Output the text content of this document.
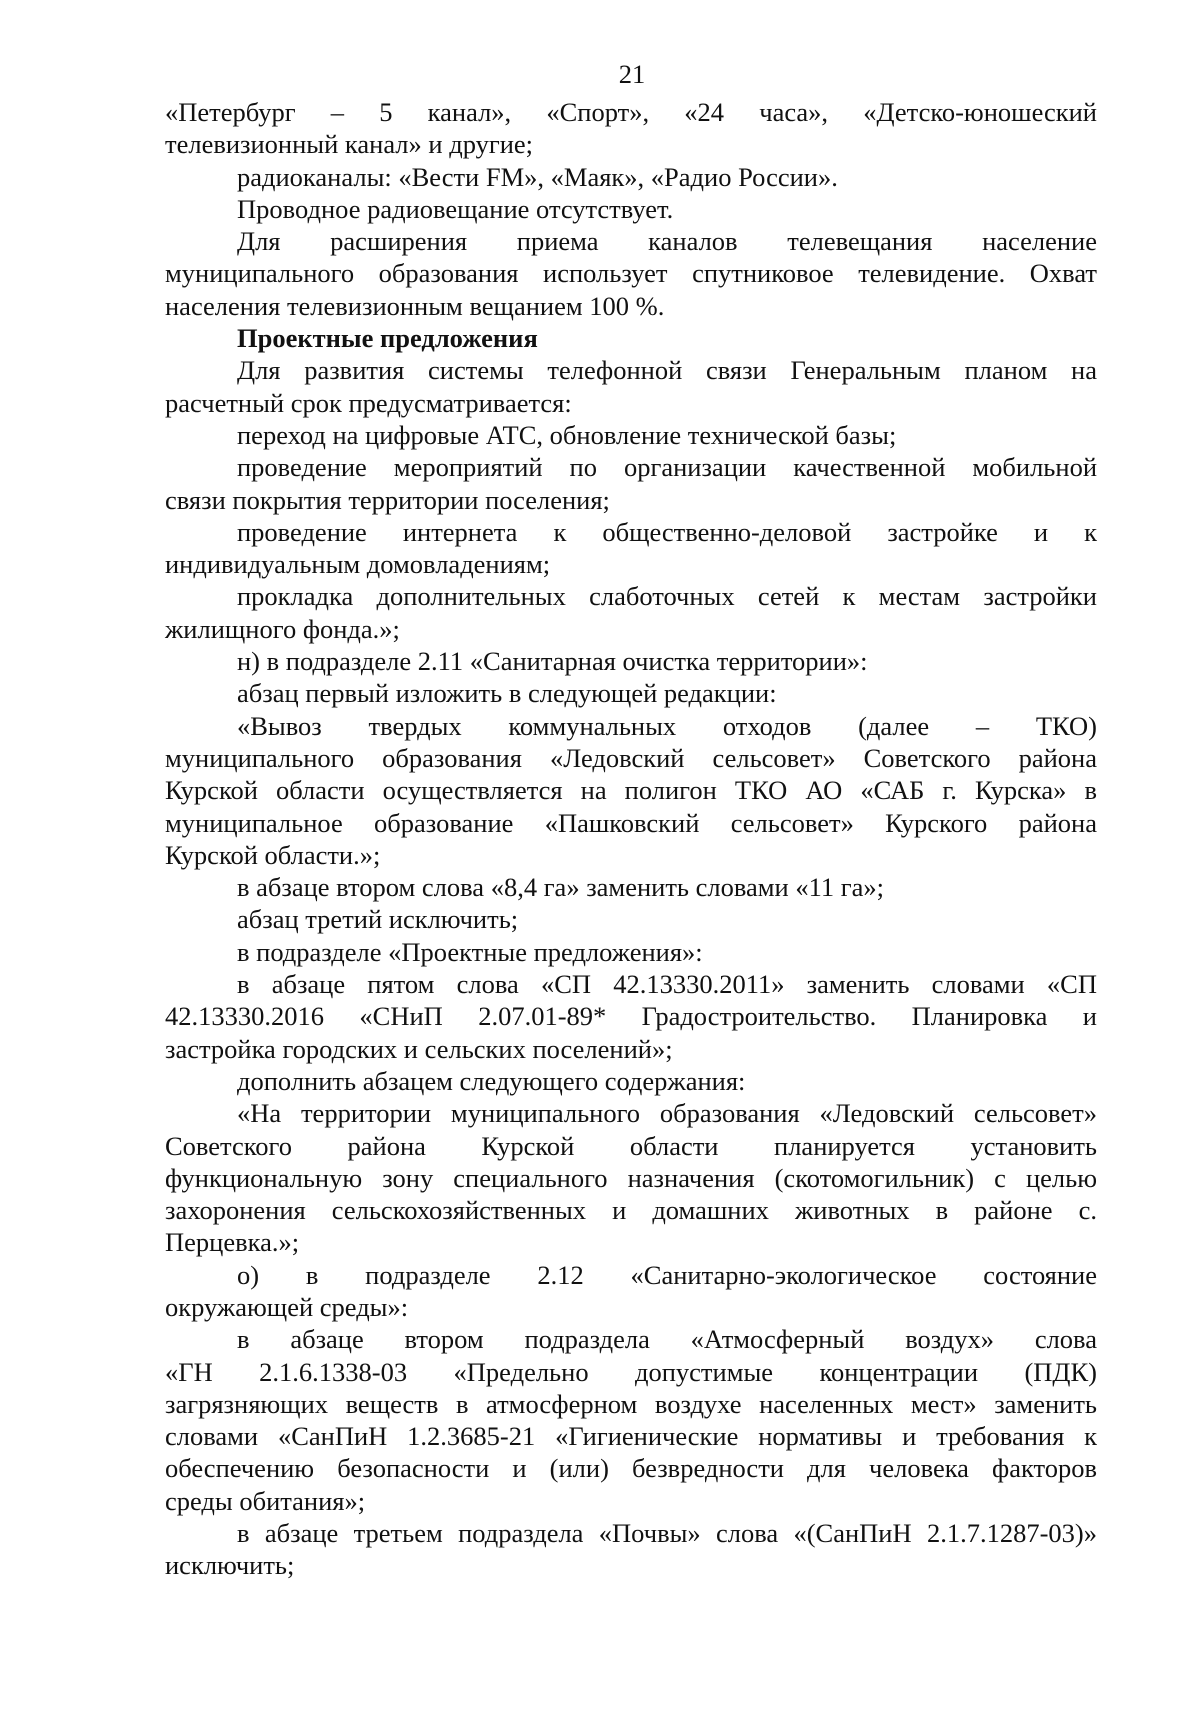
21
«Петербург – 5 канал», «Спорт», «24 часа», «Детско-юношеский
телевизионный канал» и другие;
радиоканалы: «Вести FM», «Маяк», «Радио России».
Проводное радиовещание отсутствует.
Для расширения приема каналов телевещания население
муниципального образования использует спутниковое телевидение. Охват
населения телевизионным вещанием 100 %.
Проектные предложения
Для развития системы телефонной связи Генеральным планом на
расчетный срок предусматривается:
переход на цифровые АТС, обновление технической базы;
проведение мероприятий по организации качественной мобильной
связи покрытия территории поселения;
проведение интернета к общественно-деловой застройке и к
индивидуальным домовладениям;
прокладка дополнительных слаботочных сетей к местам застройки
жилищного фонда.»;
н) в подразделе 2.11 «Санитарная очистка территории»:
абзац первый изложить в следующей редакции:
«Вывоз твердых коммунальных отходов (далее – ТКО)
муниципального образования «Ледовский сельсовет» Советского района
Курской области осуществляется на полигон ТКО АО «САБ г. Курска» в
муниципальное образование «Пашковский сельсовет» Курского района
Курской области.»;
в абзаце втором слова «8,4 га» заменить словами «11 га»;
абзац третий исключить;
в подразделе «Проектные предложения»:
в абзаце пятом слова «СП 42.13330.2011» заменить словами «СП
42.13330.2016 «СНиП 2.07.01-89* Градостроительство. Планировка и
застройка городских и сельских поселений»;
дополнить абзацем следующего содержания:
«На территории муниципального образования «Ледовский сельсовет»
Советского района Курской области планируется установить
функциональную зону специального назначения (скотомогильник) с целью
захоронения сельскохозяйственных и домашних животных в районе с.
Перцевка.»;
о) в подразделе 2.12 «Санитарно-экологическое состояние
окружающей среды»:
в абзаце втором подраздела «Атмосферный воздух» слова
«ГН 2.1.6.1338-03 «Предельно допустимые концентрации (ПДК)
загрязняющих веществ в атмосферном воздухе населенных мест» заменить
словами «СанПиН 1.2.3685-21 «Гигиенические нормативы и требования к
обеспечению безопасности и (или) безвредности для человека факторов
среды обитания»;
в абзаце третьем подраздела «Почвы» слова «(СанПиН 2.1.7.1287-03)»
исключить;
